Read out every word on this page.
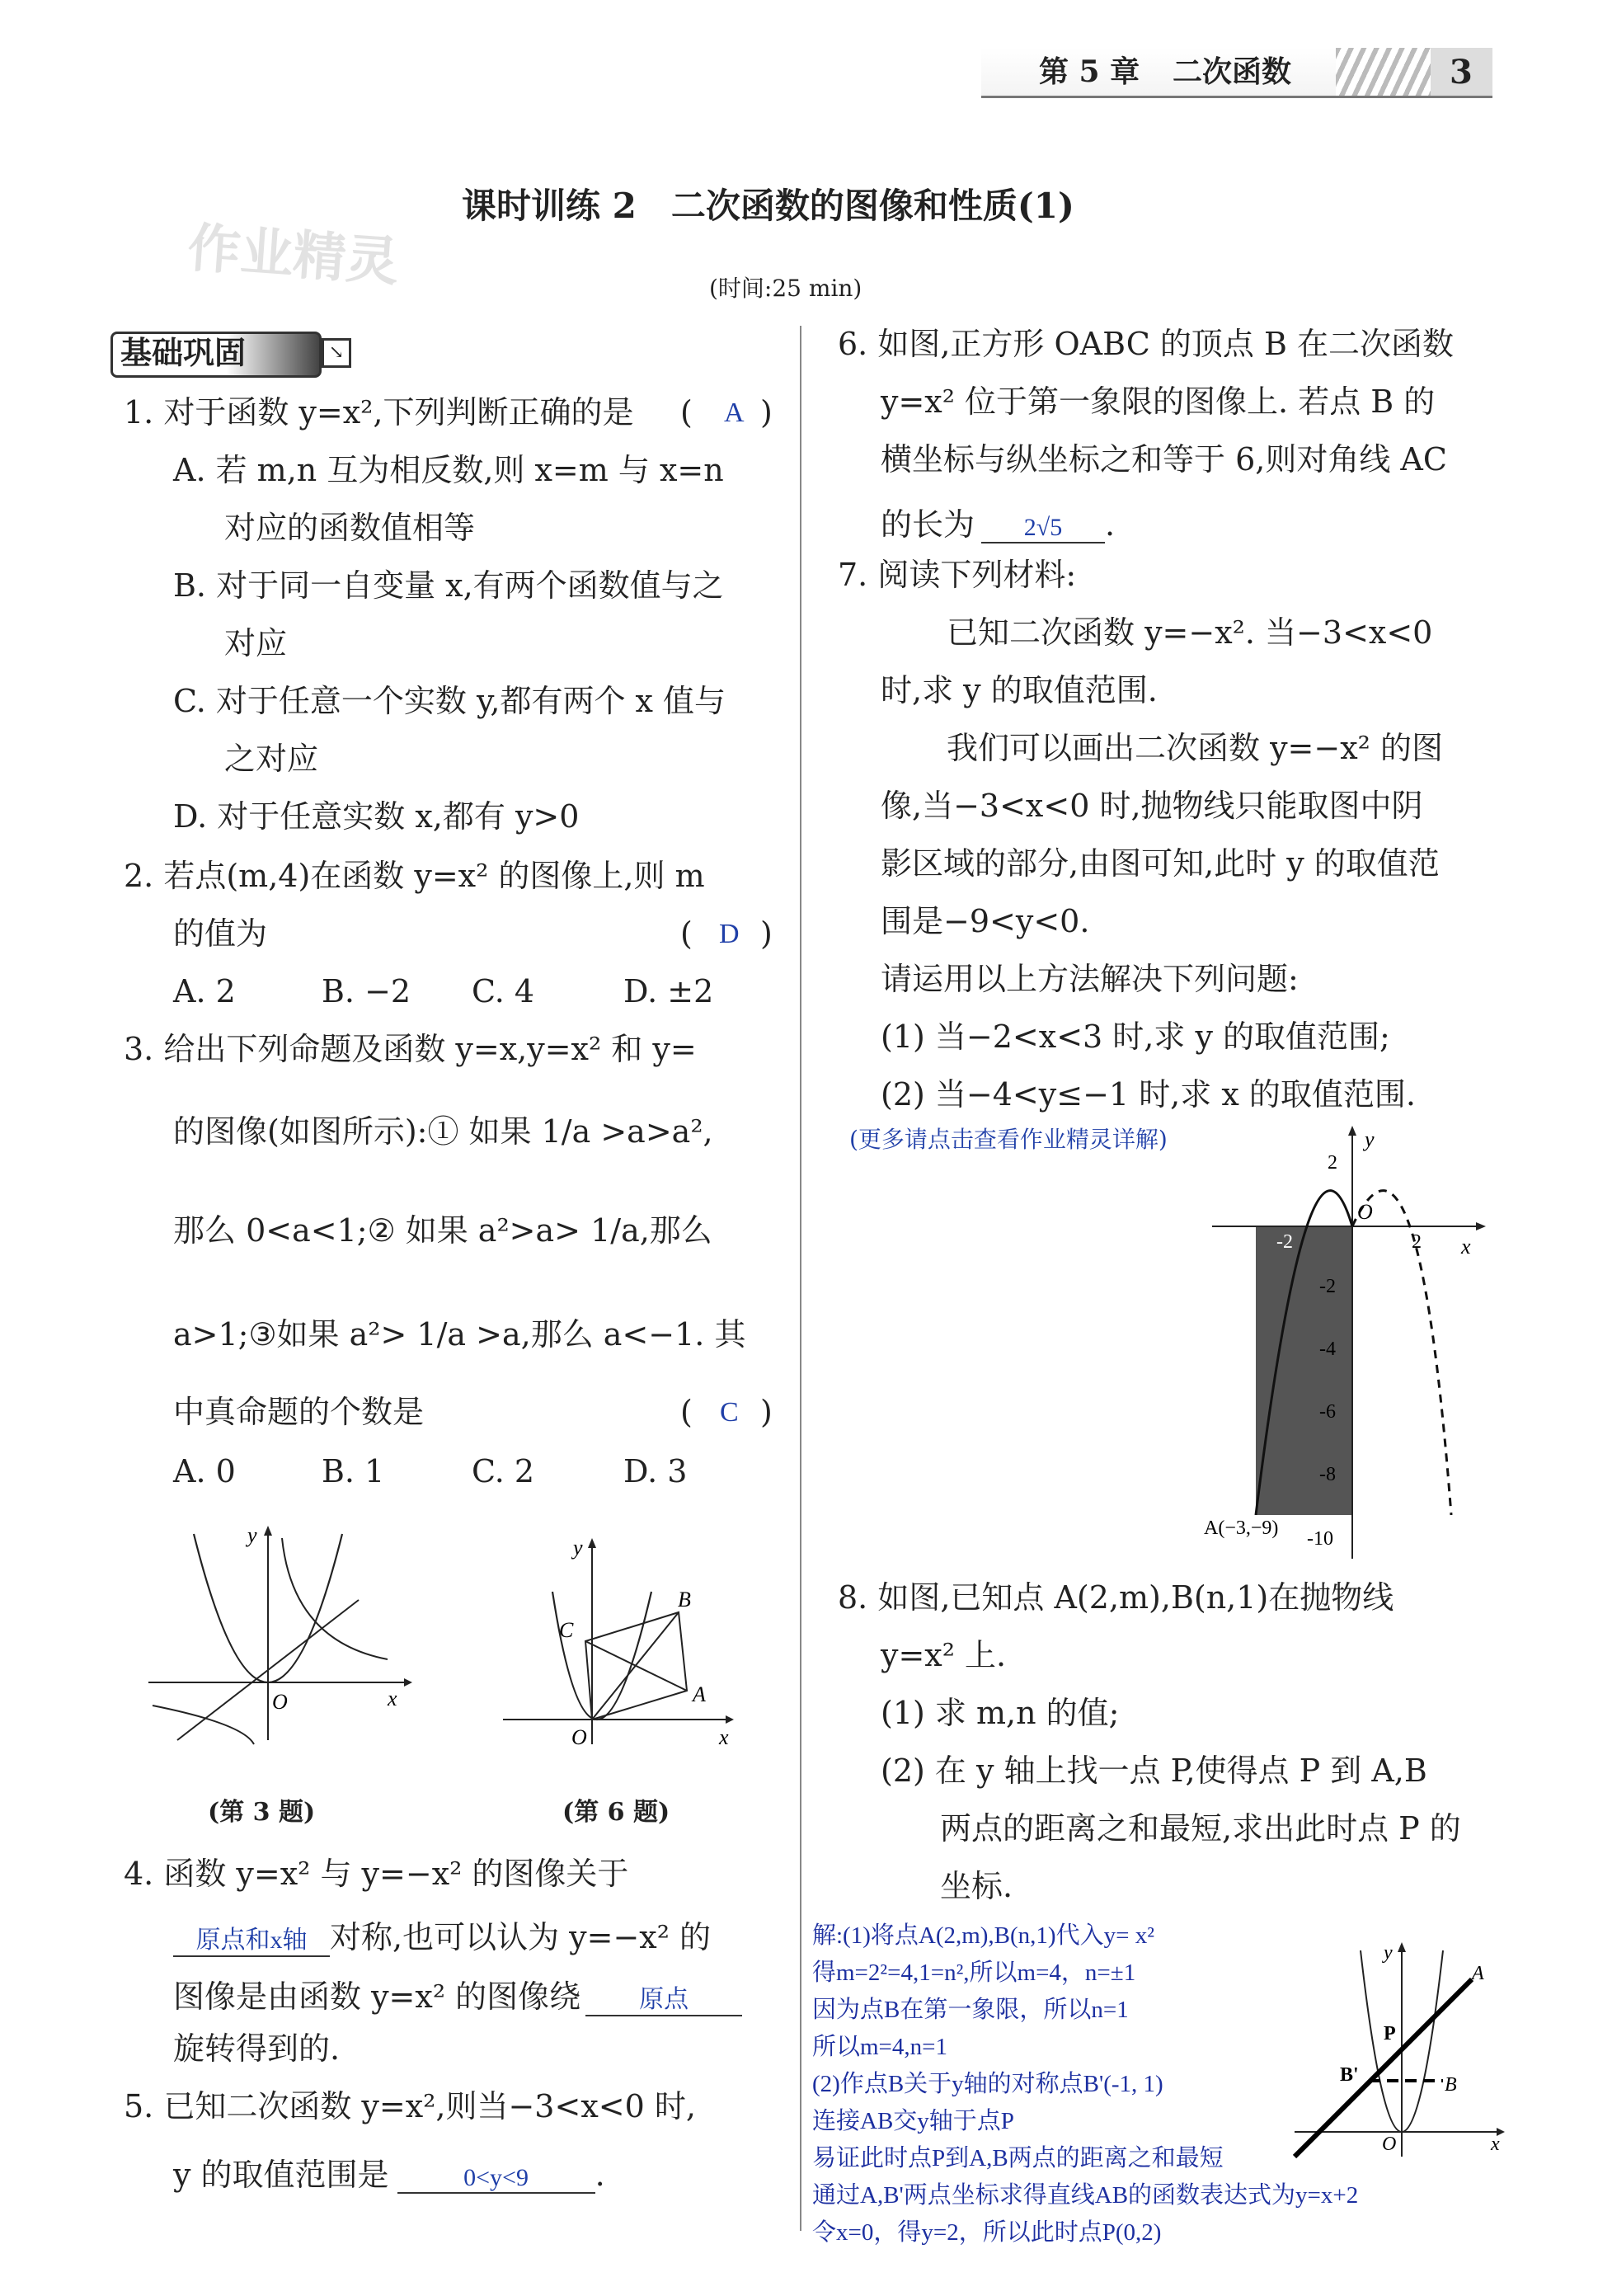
第 5 章 二次函数	3
作业精灵
课时训练 2　二次函数的图像和性质(1)
(时间:25 min)
基础巩固	↘
1. 对于函数 y=x²,下列判断正确的是 ( A )
A. 若 m,n 互为相反数,则 x=m 与 x=n
对应的函数值相等
B. 对于同一自变量 x,有两个函数值与之
对应
C. 对于任意一个实数 y,都有两个 x 值与
之对应
D. 对于任意实数 x,都有 y>0
2. 若点(m,4)在函数 y=x² 的图像上,则 m
的值为	( D )
A. 2	B. −2 C. 4	D. ±2
3. 给出下列命题及函数 y=x,y=x² 和 y=
的图像(如图所示):① 如果 1/a >a>a²,
那么 0<a<1;② 如果 a²>a> 1/a,那么
a>1;③如果 a²> 1/a >a,那么 a<−1. 其
中真命题的个数是	( C )
A. 0	B. 1	C. 2	D. 3
y
x
O
(第 3 题)
y
x
O
A
B
C
(第 6 题)
4. 函数 y=x² 与 y=−x² 的图像关于
原点和x轴 对称,也可以认为 y=−x² 的
图像是由函数 y=x² 的图像绕 原点
旋转得到的.
5. 已知二次函数 y=x²,则当−3<x<0 时,
y 的取值范围是	0<y<9 .
6. 如图,正方形 OABC 的顶点 B 在二次函数
y=x² 位于第一象限的图像上. 若点 B 的
横坐标与纵坐标之和等于 6,则对角线 AC
的长为 2√5 .
7. 阅读下列材料:
已知二次函数 y=−x². 当−3<x<0
时,求 y 的取值范围.
我们可以画出二次函数 y=−x² 的图
像,当−3<x<0 时,抛物线只能取图中阴
影区域的部分,由图可知,此时 y 的取值范
围是−9<y<0.
请运用以上方法解决下列问题:
(1) 当−2<x<3 时,求 y 的取值范围;
(2) 当−4<y≤−1 时,求 x 的取值范围.
(更多请点击查看作业精灵详解)	y
x
O
2
-2
-4
-6
-8
-10
-2	2
A(−3,−9)
8. 如图,已知点 A(2,m),B(n,1)在抛物线
y=x² 上.
(1) 求 m,n 的值;
(2) 在 y 轴上找一点 P,使得点 P 到 A,B
两点的距离之和最短,求出此时点 P 的
坐标.
解:(1)将点A(2,m),B(n,1)代入y= x²
得m=2²=4,1=n²,所以m=4，n=±1
因为点B在第一象限，所以n=1
所以m=4,n=1
(2)作点B关于y轴的对称点B'(-1, 1)
连接AB交y轴于点P
易证此时点P到A,B两点的距离之和最短
通过A,B'两点坐标求得直线AB的函数表达式为y=x+2
令x=0，得y=2，所以此时点P(0,2)
y
x
O
A
B
B'
P
